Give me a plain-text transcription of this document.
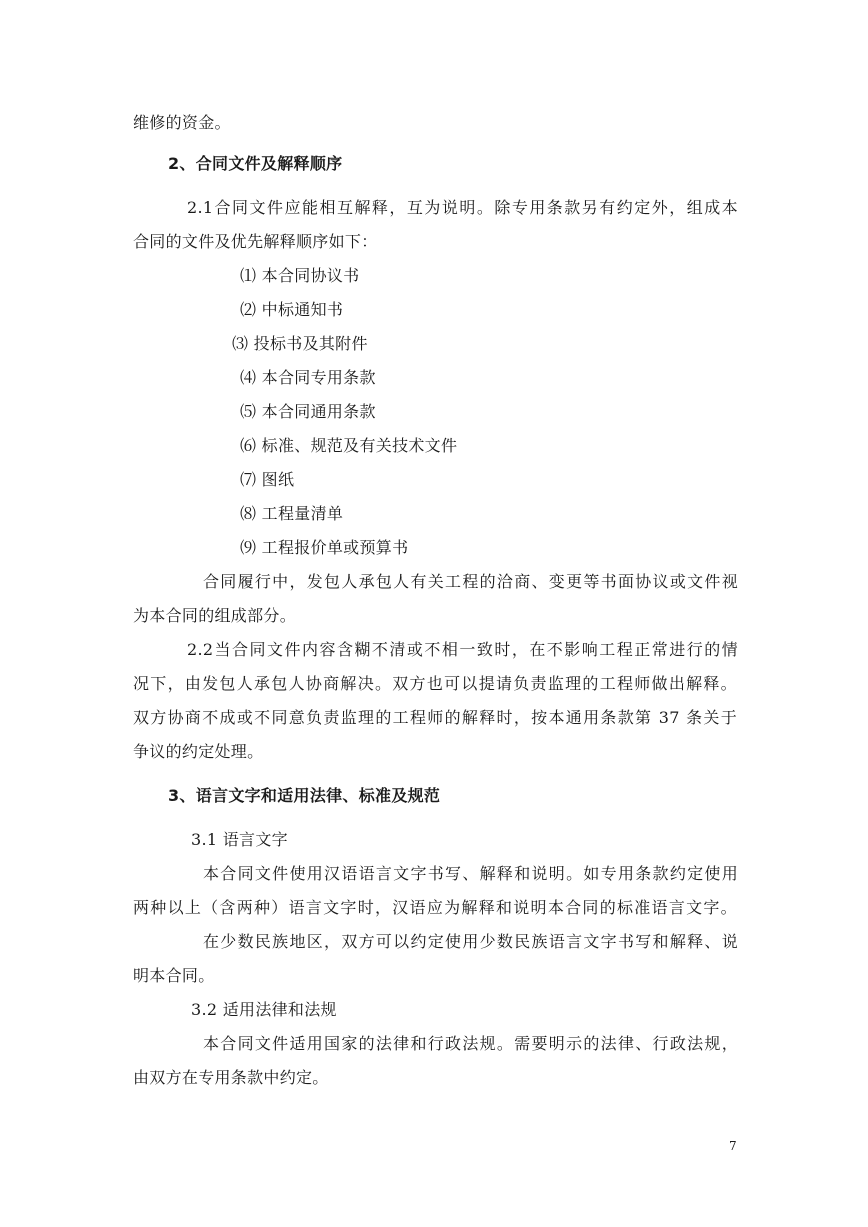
维修的资金。
2、合同文件及解释顺序
2.1合同文件应能相互解释，互为说明。除专用条款另有约定外，组成本
合同的文件及优先解释顺序如下：
⑴ 本合同协议书
⑵ 中标通知书
⑶ 投标书及其附件
⑷ 本合同专用条款
⑸ 本合同通用条款
⑹ 标准、规范及有关技术文件
⑺ 图纸
⑻ 工程量清单
⑼ 工程报价单或预算书
合同履行中，发包人承包人有关工程的洽商、变更等书面协议或文件视
为本合同的组成部分。
2.2当合同文件内容含糊不清或不相一致时，在不影响工程正常进行的情
况下，由发包人承包人协商解决。双方也可以提请负责监理的工程师做出解释。
双方协商不成或不同意负责监理的工程师的解释时，按本通用条款第 37 条关于
争议的约定处理。
3、语言文字和适用法律、标准及规范
3.1 语言文字
本合同文件使用汉语语言文字书写、解释和说明。如专用条款约定使用
两种以上（含两种）语言文字时，汉语应为解释和说明本合同的标准语言文字。
在少数民族地区，双方可以约定使用少数民族语言文字书写和解释、说
明本合同。
3.2 适用法律和法规
本合同文件适用国家的法律和行政法规。需要明示的法律、行政法规，
由双方在专用条款中约定。
7
